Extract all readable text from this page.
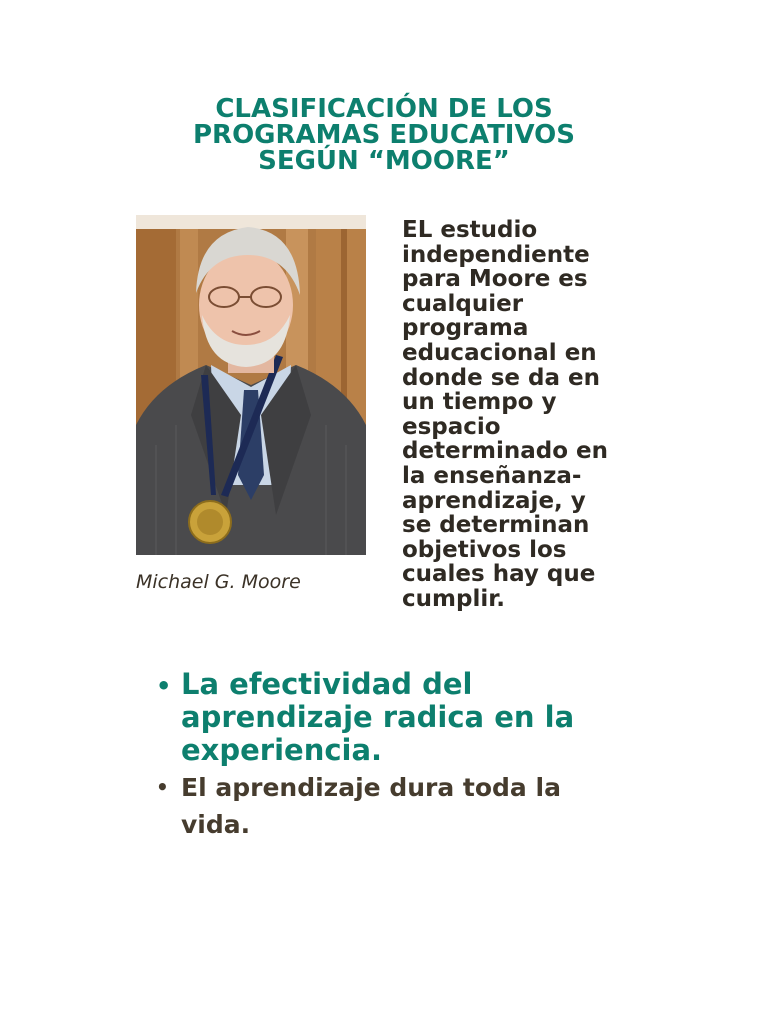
CLASIFICACIÓN DE LOS
PROGRAMAS EDUCATIVOS
SEGÚN “MOORE”
Michael G. Moore
EL estudio
independiente
para Moore es
cualquier
programa
educacional en
donde se da en
un tiempo y
espacio
determinado en
la enseñanza-
aprendizaje, y
se determinan
objetivos los
cuales hay que
cumplir.
• La efectividad del
aprendizaje radica en la
experiencia.
• El aprendizaje dura toda la
vida.
